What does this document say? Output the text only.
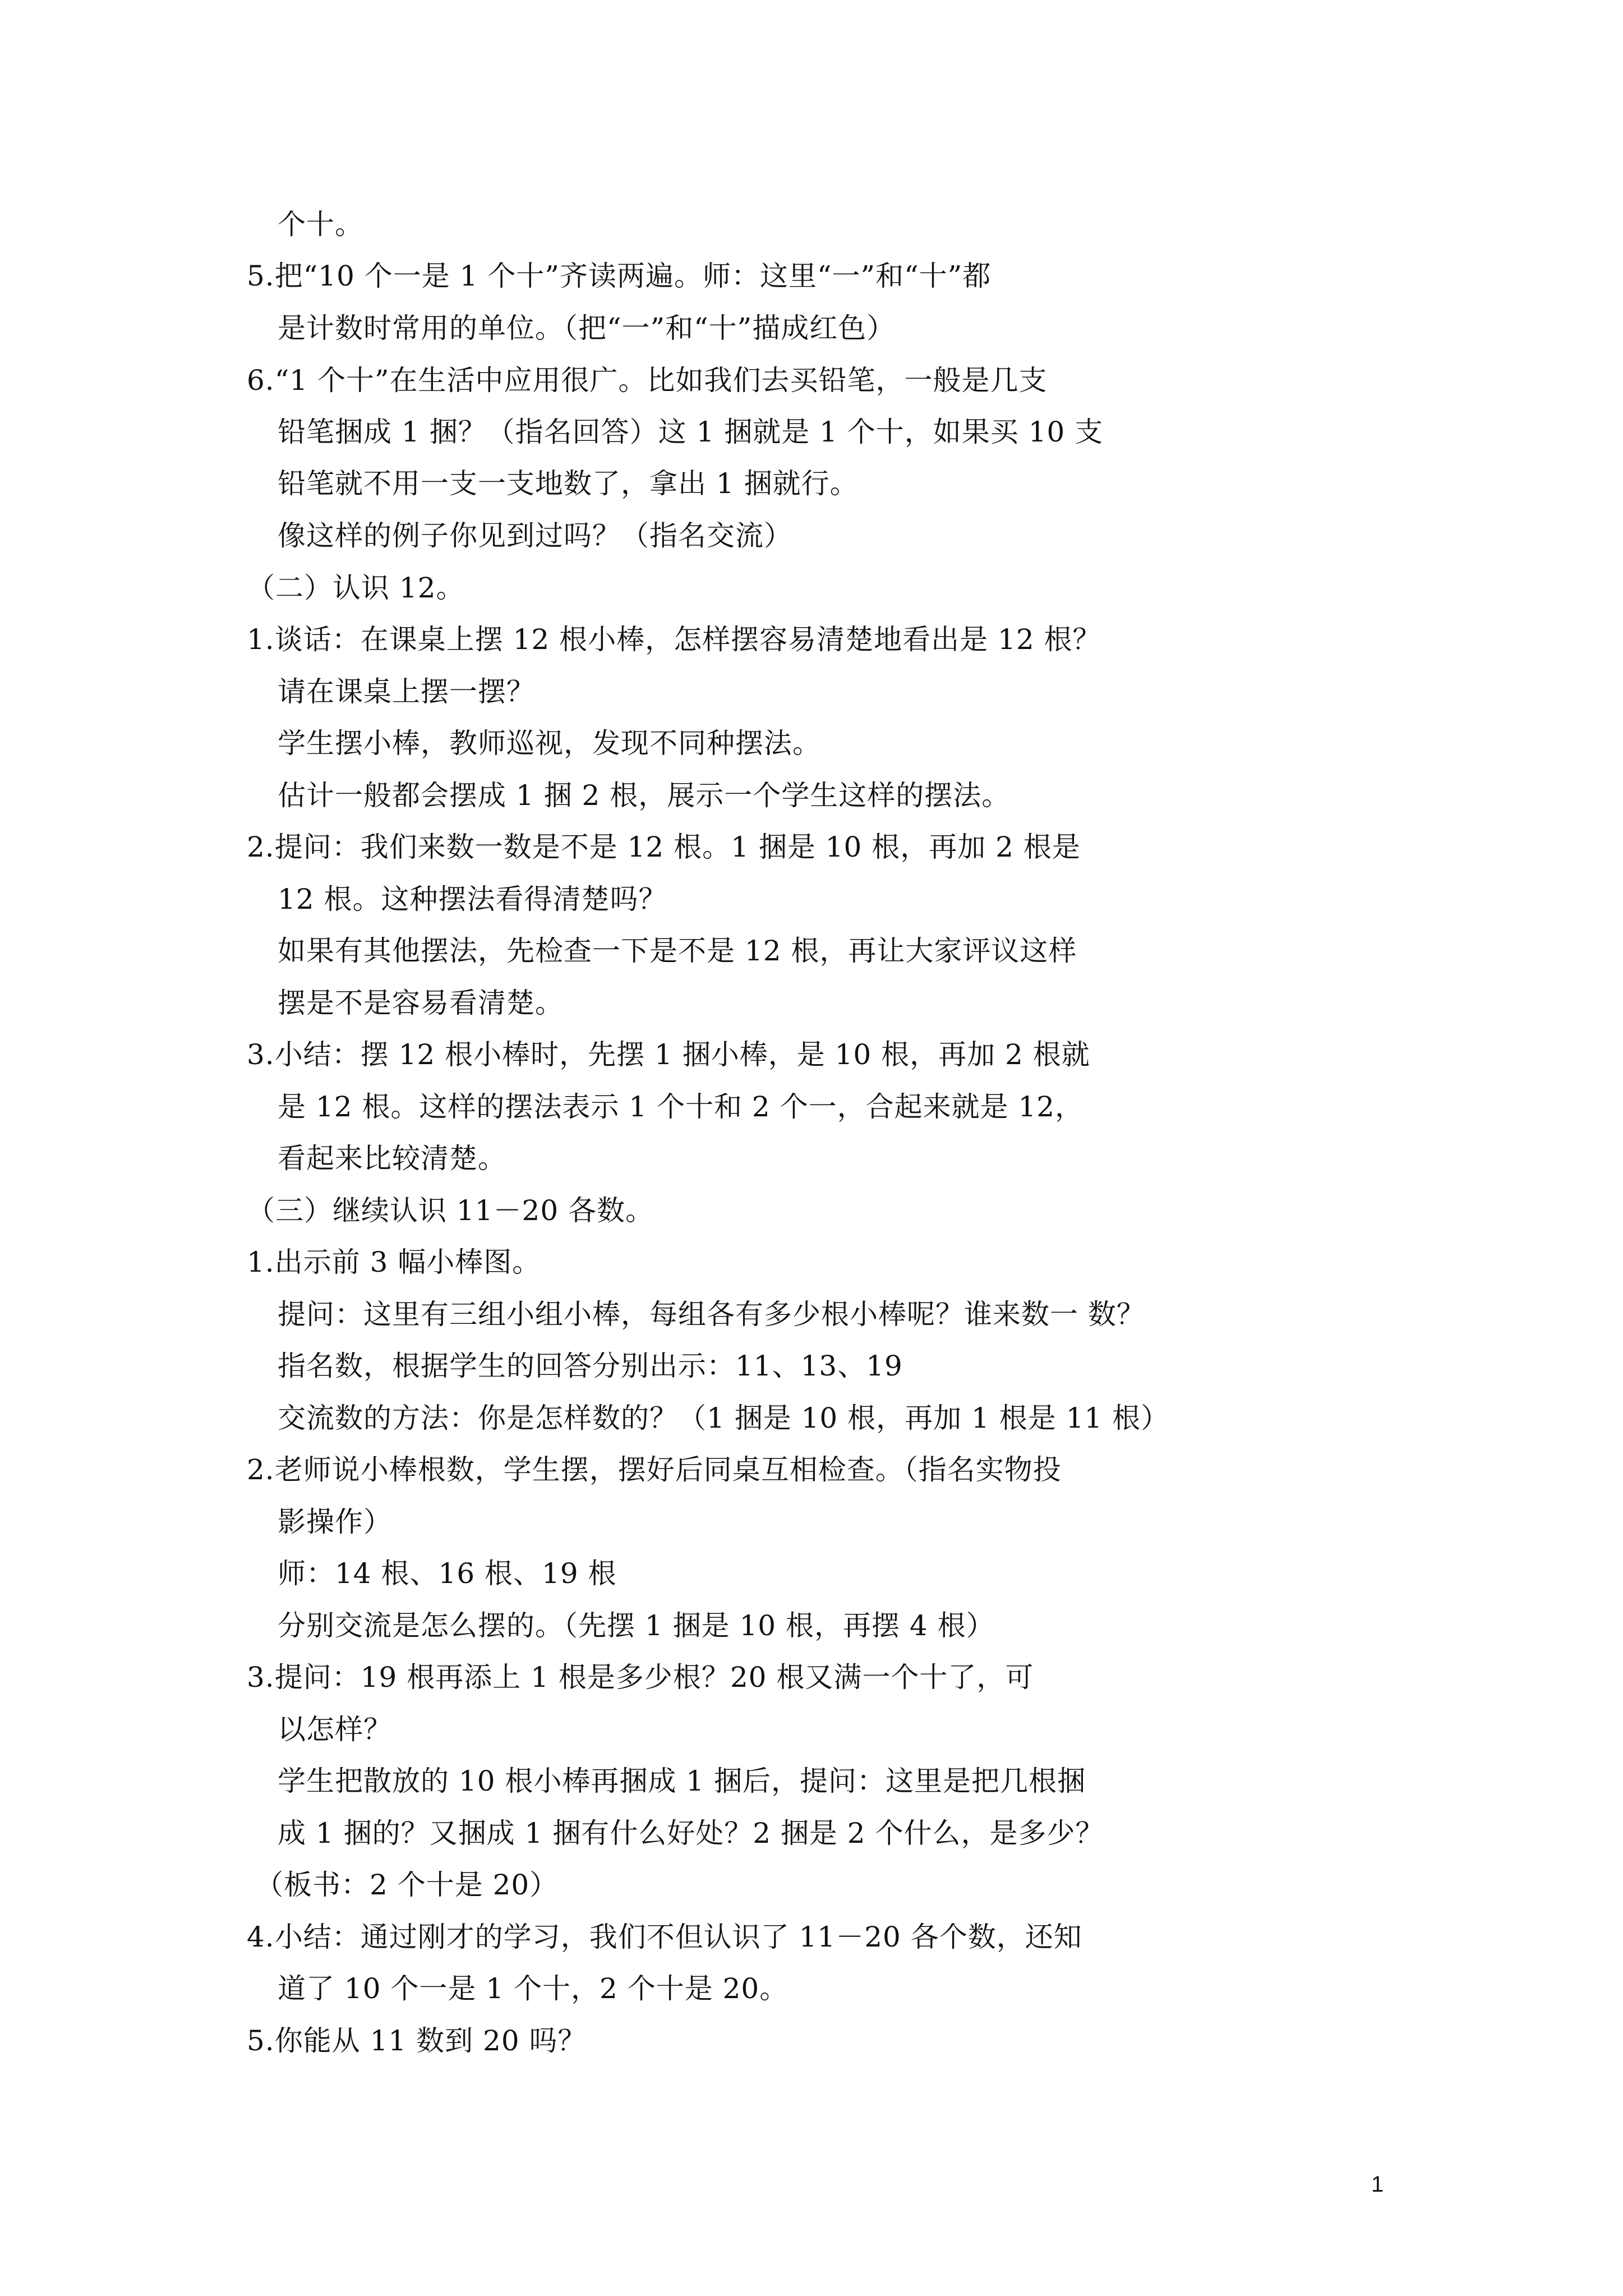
个十。
5.把“10 个一是 1 个十”齐读两遍。师：这里“一”和“十”都
是计数时常用的单位。（把“一”和“十”描成红色）
6.“1 个十”在生活中应用很广。比如我们去买铅笔，一般是几支
铅笔捆成 1 捆？（指名回答）这 1 捆就是 1 个十，如果买 10 支
铅笔就不用一支一支地数了，拿出 1 捆就行。
像这样的例子你见到过吗？（指名交流）
（二）认识 12。
1.谈话：在课桌上摆 12 根小棒，怎样摆容易清楚地看出是 12 根？
请在课桌上摆一摆？
学生摆小棒，教师巡视，发现不同种摆法。
估计一般都会摆成 1 捆 2 根，展示一个学生这样的摆法。
2.提问：我们来数一数是不是 12 根。1 捆是 10 根，再加 2 根是
12 根。这种摆法看得清楚吗？
如果有其他摆法，先检查一下是不是 12 根，再让大家评议这样
摆是不是容易看清楚。
3.小结：摆 12 根小棒时，先摆 1 捆小棒，是 10 根，再加 2 根就
是 12 根。这样的摆法表示 1 个十和 2 个一，合起来就是 12，
看起来比较清楚。
（三）继续认识 11－20 各数。
1.出示前 3 幅小棒图。
提问：这里有三组小组小棒，每组各有多少根小棒呢？谁来数一 数？
指名数，根据学生的回答分别出示：11、13、19
交流数的方法：你是怎样数的？（1 捆是 10 根，再加 1 根是 11 根）
2.老师说小棒根数，学生摆，摆好后同桌互相检查。（指名实物投
影操作）
师：14 根、16 根、19 根
分别交流是怎么摆的。（先摆 1 捆是 10 根，再摆 4 根）
3.提问：19 根再添上 1 根是多少根？20 根又满一个十了，可
以怎样？
学生把散放的 10 根小棒再捆成 1 捆后，提问：这里是把几根捆
成 1 捆的？又捆成 1 捆有什么好处？2 捆是 2 个什么，是多少？
（板书：2 个十是 20）
4.小结：通过刚才的学习，我们不但认识了 11－20 各个数，还知
道了 10 个一是 1 个十，2 个十是 20。
5.你能从 11 数到 20 吗？
1
